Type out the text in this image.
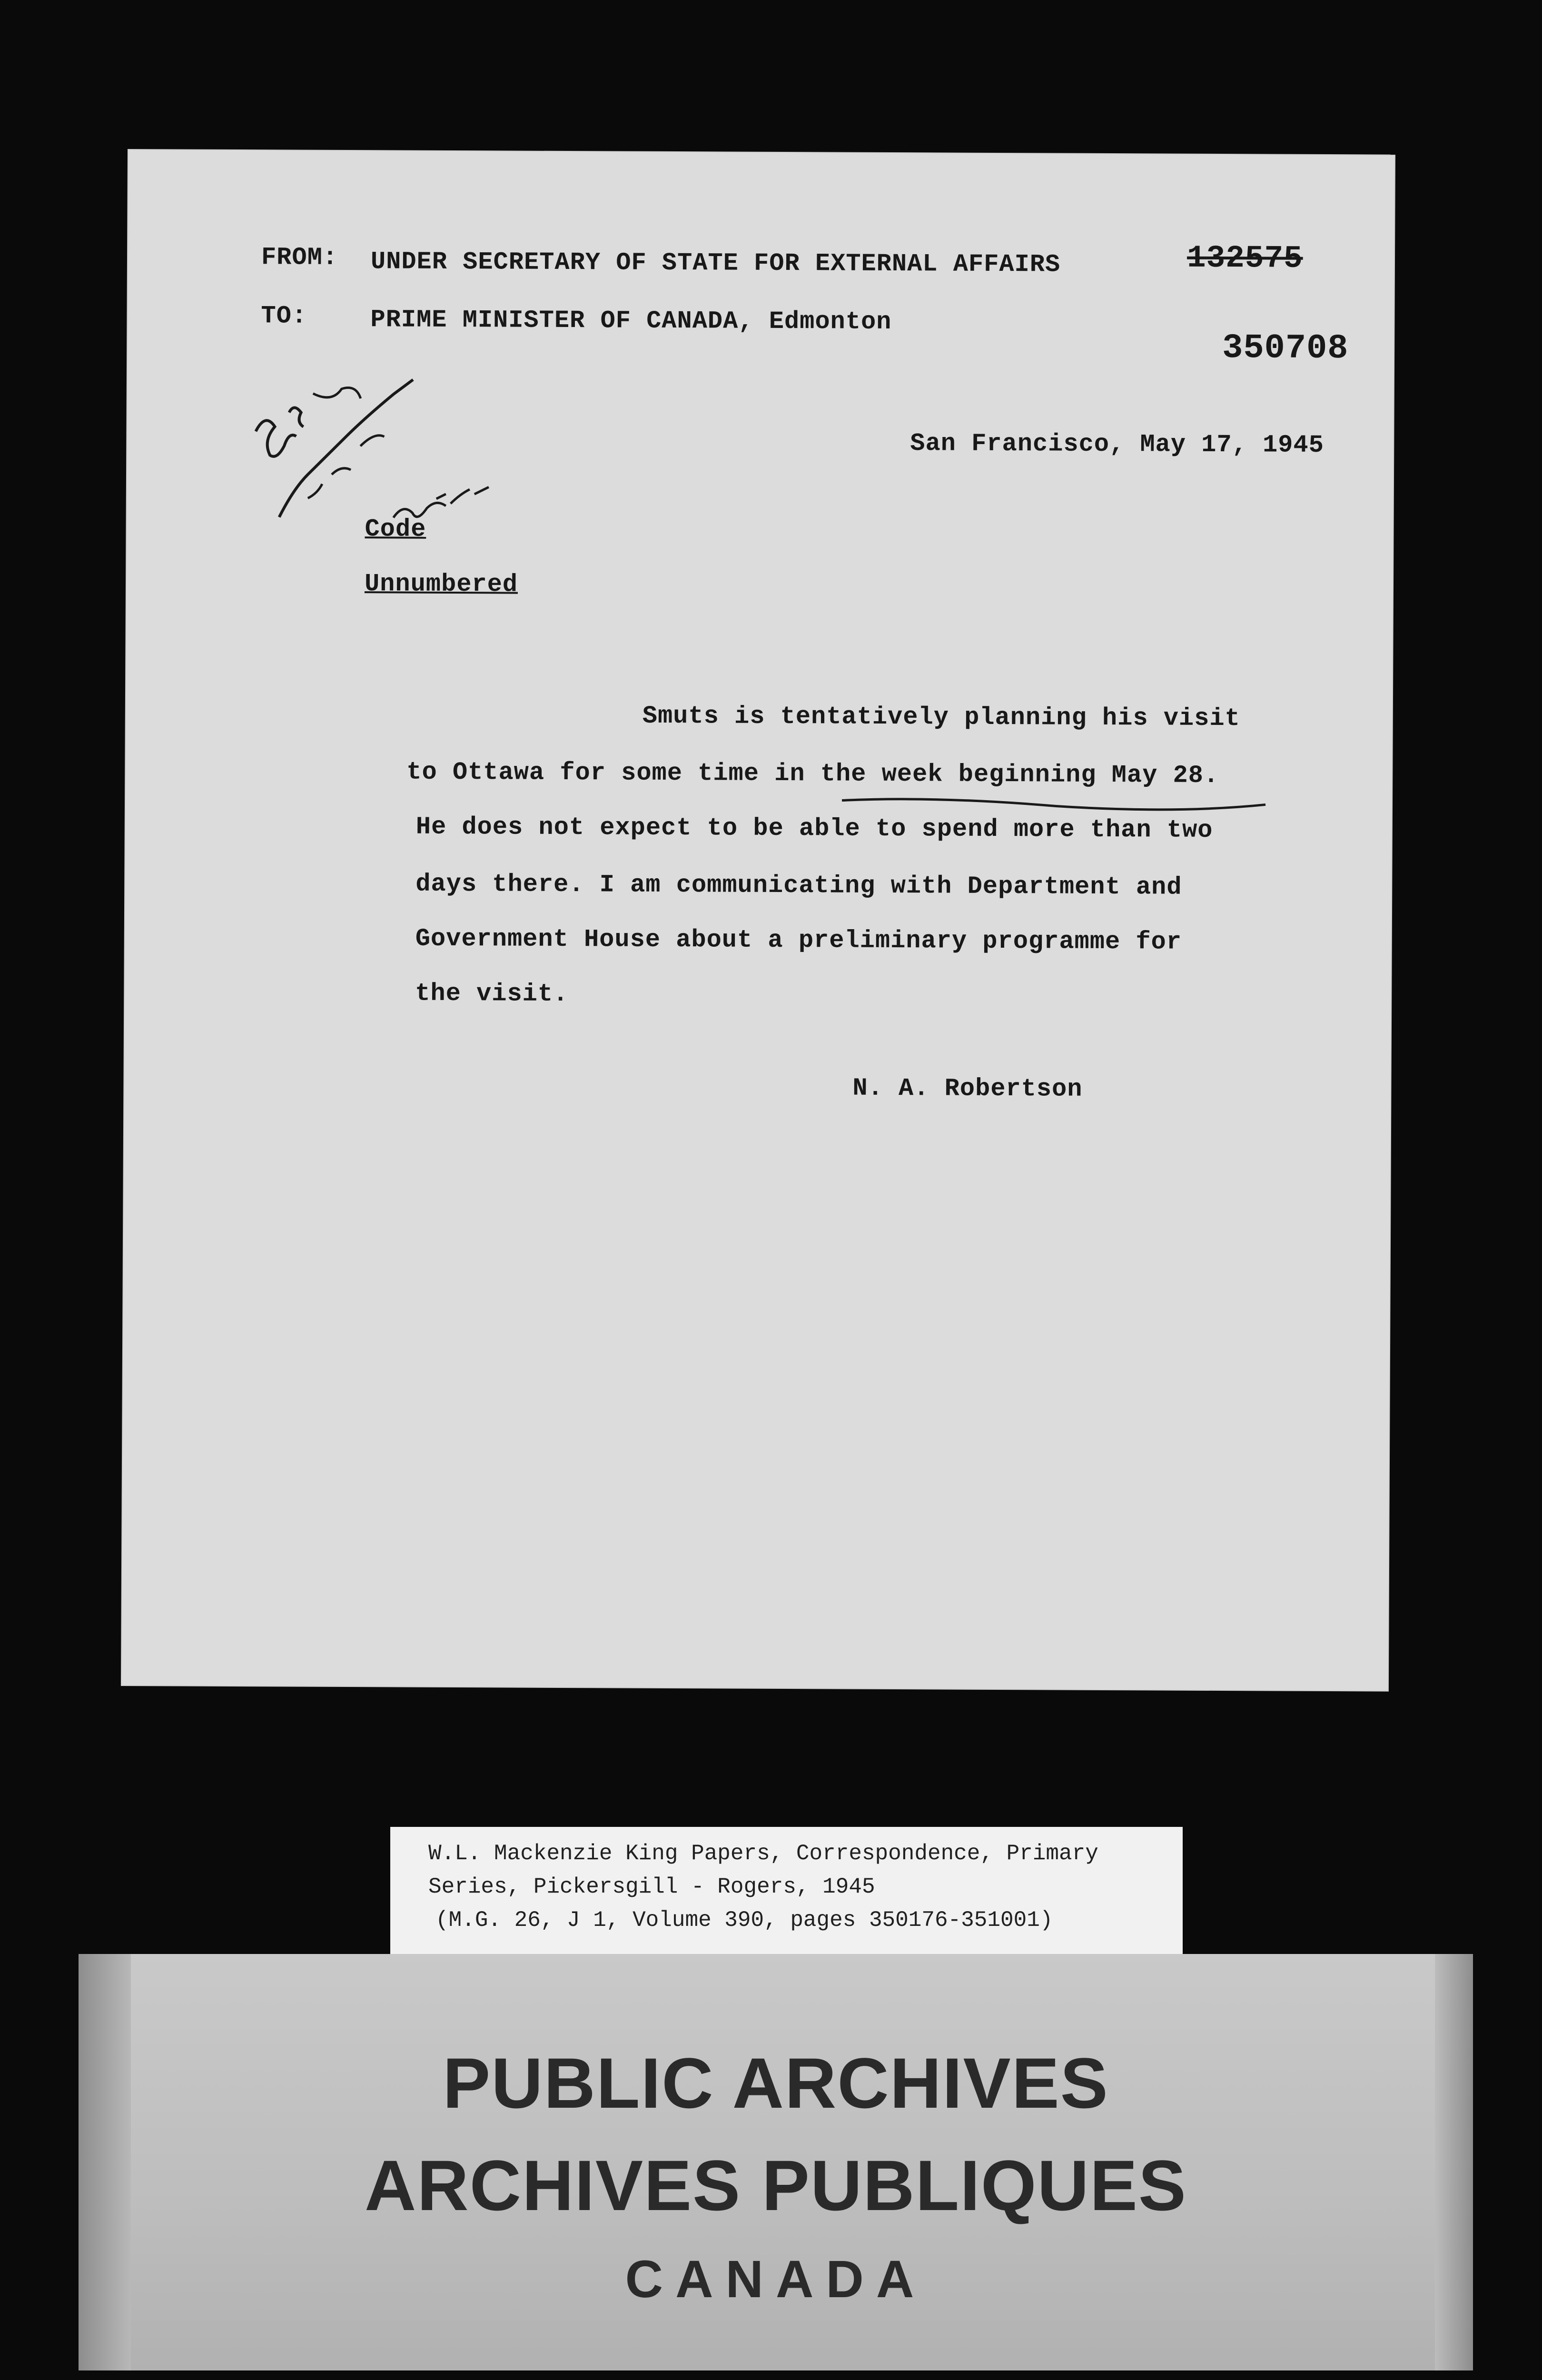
FROM: UNDER SECRETARY OF STATE FOR EXTERNAL AFFAIRS
TO:	PRIME MINISTER OF CANADA, Edmonton
132575
350708
San Francisco, May 17, 1945
Code
Unnumbered
Smuts is tentatively planning his visit
to Ottawa for some time in the week beginning May 28.
He does not expect to be able to spend more than two
days there. I am communicating with Department and
Government House about a preliminary programme for
the visit.
N. A. Robertson
W.L. Mackenzie King Papers, Correspondence, Primary
Series, Pickersgill - Rogers, 1945
(M.G. 26, J 1, Volume 390, pages 350176-351001)
PUBLIC ARCHIVES
ARCHIVES PUBLIQUES
CANADA
